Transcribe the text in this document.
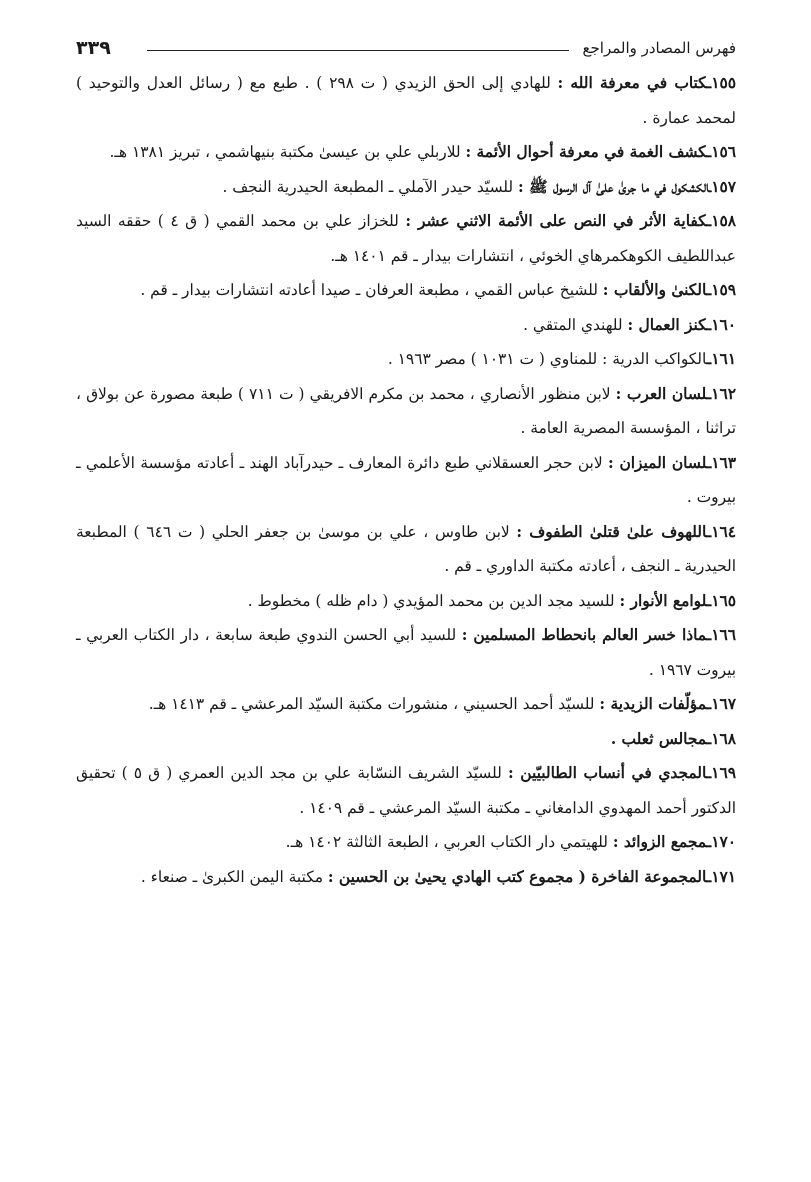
فهرس المصادر والمراجع
٣٣٩

١٥٥ـكتاب في معرفة الله : للهادي إلى الحق الزيدي ( ت ٢٩٨ ) . طبع مع ( رسائل العدل والتوحيد ) لمحمد عمارة .

١٥٦ـكشف الغمة في معرفة أحوال الأئمة : للاربلي علي بن عيسىٰ مكتبة بنيهاشمي ، تبريز ١٣٨١ هـ.

١٥٧ـالكشكول في ما جرىٰ علىٰ آل الرسول ﷺ : للسيّد حيدر الآملي ـ المطبعة الحيدرية النجف .

١٥٨ـكفاية الأثر في النص على الأئمة الاثني عشر : للخزاز علي بن محمد القمي ( ق ٤ ) حققه السيد عبداللطيف الكوهكمرهاي الخوئي ، انتشارات بيدار ـ قم ١٤٠١ هـ.

١٥٩ـالكنىٰ والألقاب : للشيخ عباس القمي ، مطبعة العرفان ـ صيدا أعادته انتشارات بيدار ـ قم .

١٦٠ـكنز العمال : للهندي المتقي .

١٦١ـالكواكب الدرية : للمناوي ( ت ١٠٣١ ) مصر ١٩٦٣ .

١٦٢ـلسان العرب : لابن منظور الأنصاري ، محمد بن مكرم الافريقي ( ت ٧١١ ) طبعة مصورة عن بولاق ، تراثنا ، المؤسسة المصرية العامة .

١٦٣ـلسان الميزان : لابن حجر العسقلاني طبع دائرة المعارف ـ حيدرآباد الهند ـ أعادته مؤسسة الأعلمي ـ بيروت .

١٦٤ـاللهوف علىٰ قتلىٰ الطفوف : لابن طاوس ، علي بن موسىٰ بن جعفر الحلي ( ت ٦٤٦ ) المطبعة الحيدرية ـ النجف ، أعادته مكتبة الداوري ـ قم .

١٦٥ـلوامع الأنوار : للسيد مجد الدين بن محمد المؤيدي ( دام ظله ) مخطوط .

١٦٦ـماذا خسر العالم بانحطاط المسلمين : للسيد أبي الحسن الندوي طبعة سابعة ، دار الكتاب العربي ـ بيروت ١٩٦٧ .

١٦٧ـمؤلّفات الزيدية : للسيّد أحمد الحسيني ، منشورات مكتبة السيّد المرعشي ـ قم ١٤١٣ هـ.

١٦٨ـمجالس ثعلب .

١٦٩ـالمجدي في أنساب الطالبيّين : للسيّد الشريف النسّابة علي بن مجد الدين العمري ( ق ٥ ) تحقيق الدكتور أحمد المهدوي الدامغاني ـ مكتبة السيّد المرعشي ـ قم ١٤٠٩ .

١٧٠ـمجمع الزوائد : للهيتمي دار الكتاب العربي ، الطبعة الثالثة ١٤٠٢ هـ.

١٧١ـالمجموعة الفاخرة ( مجموع كتب الهادي يحيىٰ بن الحسين : مكتبة اليمن الكبرىٰ ـ صنعاء .
